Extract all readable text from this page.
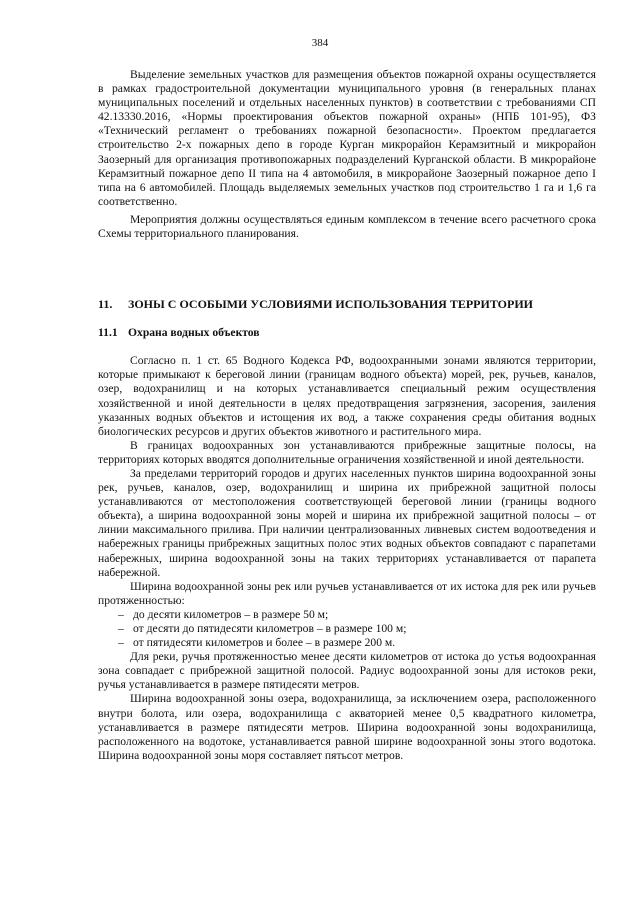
384

Выделение земельных участков для размещения объектов пожарной охраны осуществляется в рамках градостроительной документации муниципального уровня (в генеральных планах муниципальных поселений и отдельных населенных пунктов) в соответствии с требованиями СП 42.13330.2016, «Нормы проектирования объектов пожарной охраны» (НПБ 101-95), ФЗ «Технический регламент о требованиях пожарной безопасности». Проектом предлагается строительство 2-х пожарных депо в городе Курган микрорайон Керамзитный и микрорайон Заозерный для организация противопожарных подразделений Курганской области. В микрорайоне Керамзитный пожарное депо II типа на 4 автомобиля, в микрорайоне Заозерный пожарное депо I типа на 6 автомобилей. Площадь выделяемых земельных участков под строительство 1 га и 1,6 га соответственно.

Мероприятия должны осуществляться единым комплексом в течение всего расчетного срока Схемы территориального планирования.

11.	ЗОНЫ С ОСОБЫМИ УСЛОВИЯМИ ИСПОЛЬЗОВАНИЯ ТЕРРИТОРИИ
11.1 Охрана водных объектов

Согласно п. 1 ст. 65 Водного Кодекса РФ, водоохранными зонами являются территории, которые примыкают к береговой линии (границам водного объекта) морей, рек, ручьев, каналов, озер, водохранилищ и на которых устанавливается специальный режим осуществления хозяйственной и иной деятельности в целях предотвращения загрязнения, засорения, заиления указанных водных объектов и истощения их вод, а также сохранения среды обитания водных биологических ресурсов и других объектов животного и растительного мира.

В границах водоохранных зон устанавливаются прибрежные защитные полосы, на территориях которых вводятся дополнительные ограничения хозяйственной и иной деятельности.

За пределами территорий городов и других населенных пунктов ширина водоохранной зоны рек, ручьев, каналов, озер, водохранилищ и ширина их прибрежной защитной полосы устанавливаются от местоположения соответствующей береговой линии (границы водного объекта), а ширина водоохранной зоны морей и ширина их прибрежной защитной полосы – от линии максимального прилива. При наличии централизованных ливневых систем водоотведения и набережных границы прибрежных защитных полос этих водных объектов совпадают с парапетами набережных, ширина водоохранной зоны на таких территориях устанавливается от парапета набережной.

Ширина водоохранной зоны рек или ручьев устанавливается от их истока для рек или ручьев протяженностью:

– до десяти километров – в размере 50 м;
– от десяти до пятидесяти километров – в размере 100 м;
– от пятидесяти километров и более – в размере 200 м.

Для реки, ручья протяженностью менее десяти километров от истока до устья водоохранная зона совпадает с прибрежной защитной полосой. Радиус водоохранной зоны для истоков реки, ручья устанавливается в размере пятидесяти метров.

Ширина водоохранной зоны озера, водохранилища, за исключением озера, расположенного внутри болота, или озера, водохранилища с акваторией менее 0,5 квадратного километра, устанавливается в размере пятидесяти метров. Ширина водоохранной зоны водохранилища, расположенного на водотоке, устанавливается равной ширине водоохранной зоны этого водотока. Ширина водоохранной зоны моря составляет пятьсот метров.
